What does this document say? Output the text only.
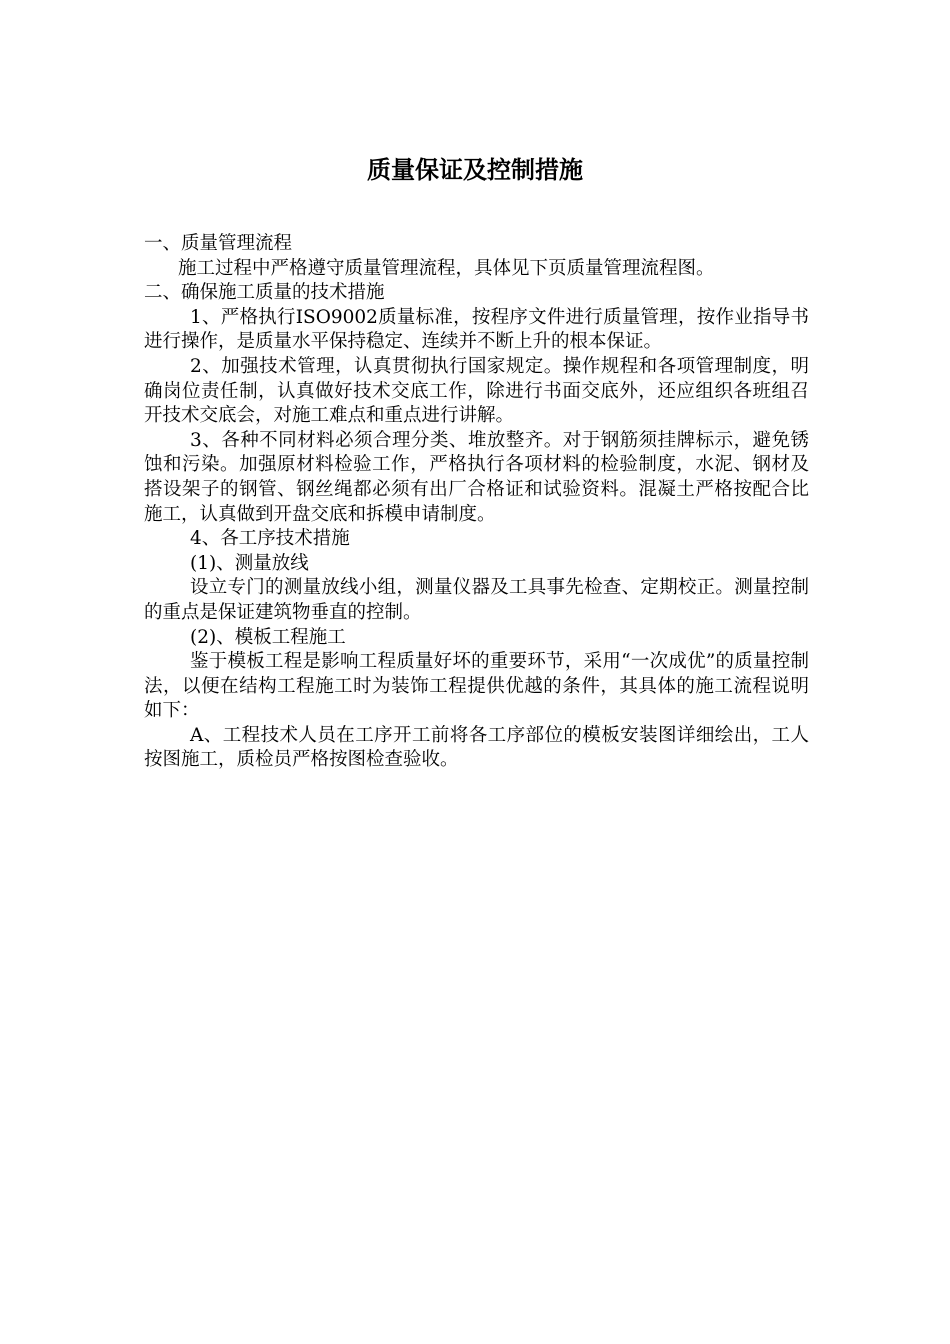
质量保证及控制措施

一、质量管理流程

施工过程中严格遵守质量管理流程，具体见下页质量管理流程图。

二、确保施工质量的技术措施

1、严格执行ISO9002质量标准，按程序文件进行质量管理，按作业指导书进行操作，是质量水平保持稳定、连续并不断上升的根本保证。

2、加强技术管理，认真贯彻执行国家规定。操作规程和各项管理制度，明确岗位责任制，认真做好技术交底工作，除进行书面交底外，还应组织各班组召开技术交底会，对施工难点和重点进行讲解。

3、各种不同材料必须合理分类、堆放整齐。对于钢筋须挂牌标示，避免锈蚀和污染。加强原材料检验工作，严格执行各项材料的检验制度，水泥、钢材及搭设架子的钢管、钢丝绳都必须有出厂合格证和试验资料。混凝土严格按配合比施工，认真做到开盘交底和拆模申请制度。

4、各工序技术措施

(1)、测量放线

设立专门的测量放线小组，测量仪器及工具事先检查、定期校正。测量控制的重点是保证建筑物垂直的控制。

(2)、模板工程施工

鉴于模板工程是影响工程质量好坏的重要环节，采用“一次成优”的质量控制法，以便在结构工程施工时为装饰工程提供优越的条件，其具体的施工流程说明如下：

A、工程技术人员在工序开工前将各工序部位的模板安装图详细绘出，工人按图施工，质检员严格按图检查验收。
